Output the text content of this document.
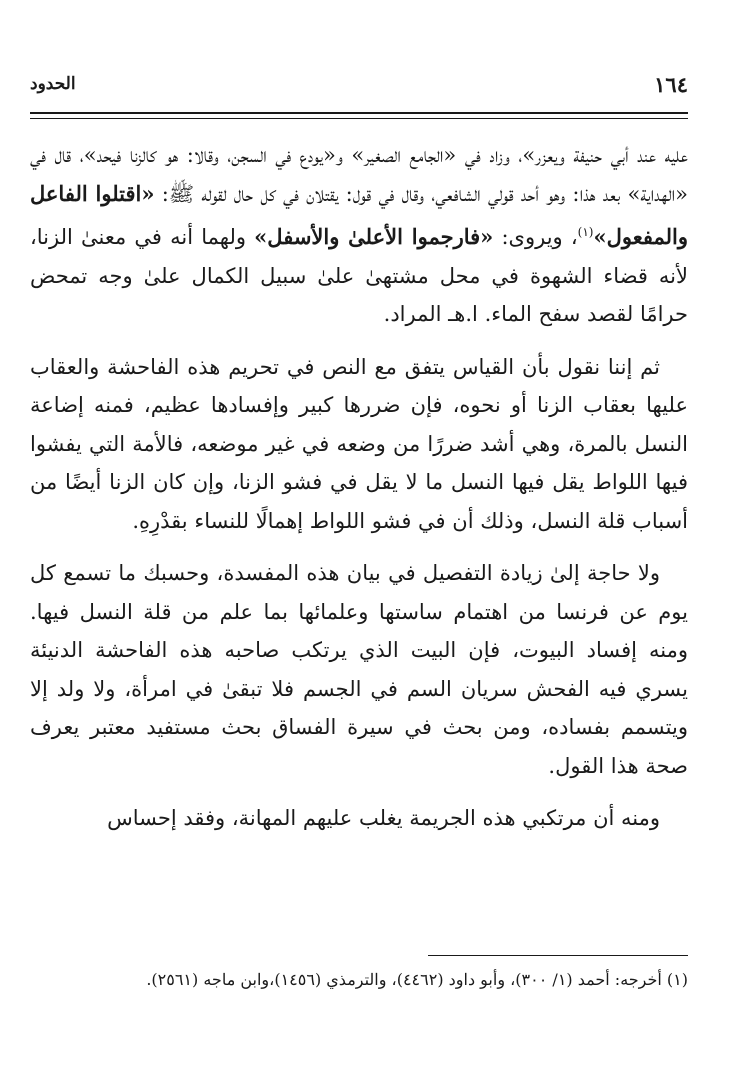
١٦٤
الحدود

عليه عند أبي حنيفة ويعزر»، وزاد في «الجامع الصغير» و«يودع في السجن، وقالا: هو كالزنا فيحد»، قال في «الهداية» بعد هذا: وهو أحد قولي الشافعي، وقال في قول: يقتلان في كل حال لقوله ﷺ: «اقتلوا الفاعل والمفعول»$^{(١)}$، ويروى: «فارجموا الأعلىٰ والأسفل» ولهما أنه في معنىٰ الزنا، لأنه قضاء الشهوة في محل مشتهىٰ علىٰ سبيل الكمال علىٰ وجه تمحض حرامًا لقصد سفح الماء. ا.هـ المراد.

ثم إننا نقول بأن القياس يتفق مع النص في تحريم هذه الفاحشة والعقاب عليها بعقاب الزنا أو نحوه، فإن ضررها كبير وإفسادها عظيم، فمنه إضاعة النسل بالمرة، وهي أشد ضررًا من وضعه في غير موضعه، فالأمة التي يفشوا فيها اللواط يقل فيها النسل ما لا يقل في فشو الزنا، وإن كان الزنا أيضًا من أسباب قلة النسل، وذلك أن في فشو اللواط إهمالًا للنساء بقدْرِهِ.

ولا حاجة إلىٰ زيادة التفصيل في بيان هذه المفسدة، وحسبك ما تسمع كل يوم عن فرنسا من اهتمام ساستها وعلمائها بما علم من قلة النسل فيها. ومنه إفساد البيوت، فإن البيت الذي يرتكب صاحبه هذه الفاحشة الدنيئة يسري فيه الفحش سريان السم في الجسم فلا تبقىٰ في امرأة، ولا ولد إلا ويتسمم بفساده، ومن بحث في سيرة الفساق بحث مستفيد معتبر يعرف صحة هذا القول.

ومنه أن مرتكبي هذه الجريمة يغلب عليهم المهانة، وفقد إحساس

(١) أخرجه: أحمد (١/ ٣٠٠)، وأبو داود (٤٤٦٢)، والترمذي (١٤٥٦)،وابن ماجه (٢٥٦١).
